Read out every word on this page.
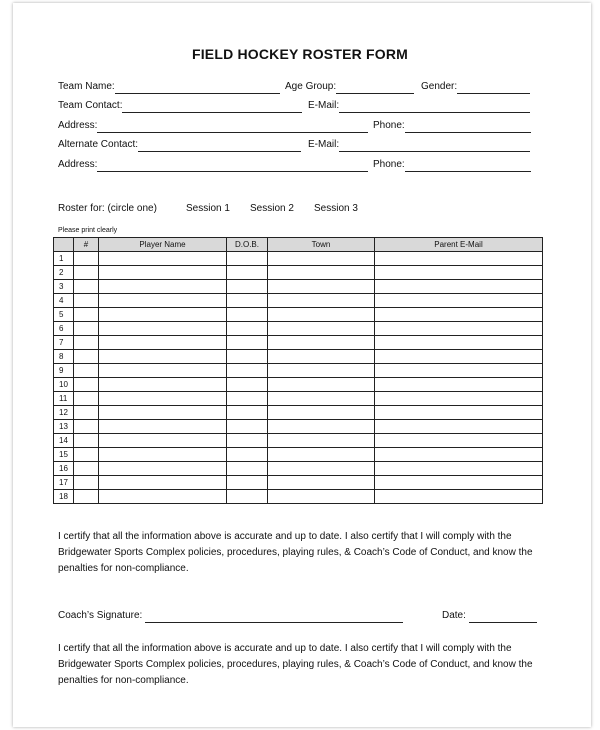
FIELD HOCKEY ROSTER FORM
Team Name:	Age Group:	Gender:
Team Contact:	E-Mail:
Address:	Phone:
Alternate Contact:	E-Mail:
Address:	Phone:
Roster for: (circle one)	Session 1 Session 2 Session 3
Please print clearly
	#	Player Name	D.O.B.	Town	Parent E-Mail
1					
2					
3					
4					
5					
6					
7					
8					
9					
10					
11					
12					
13					
14					
15					
16					
17					
18					
I certify that all the information above is accurate and up to date. I also certify that I will comply with the Bridgewater Sports Complex policies, procedures, playing rules, & Coach’s Code of Conduct, and know the penalties for non-compliance.
Coach’s Signature:	Date:
I certify that all the information above is accurate and up to date. I also certify that I will comply with the Bridgewater Sports Complex policies, procedures, playing rules, & Coach’s Code of Conduct, and know the penalties for non-compliance.
